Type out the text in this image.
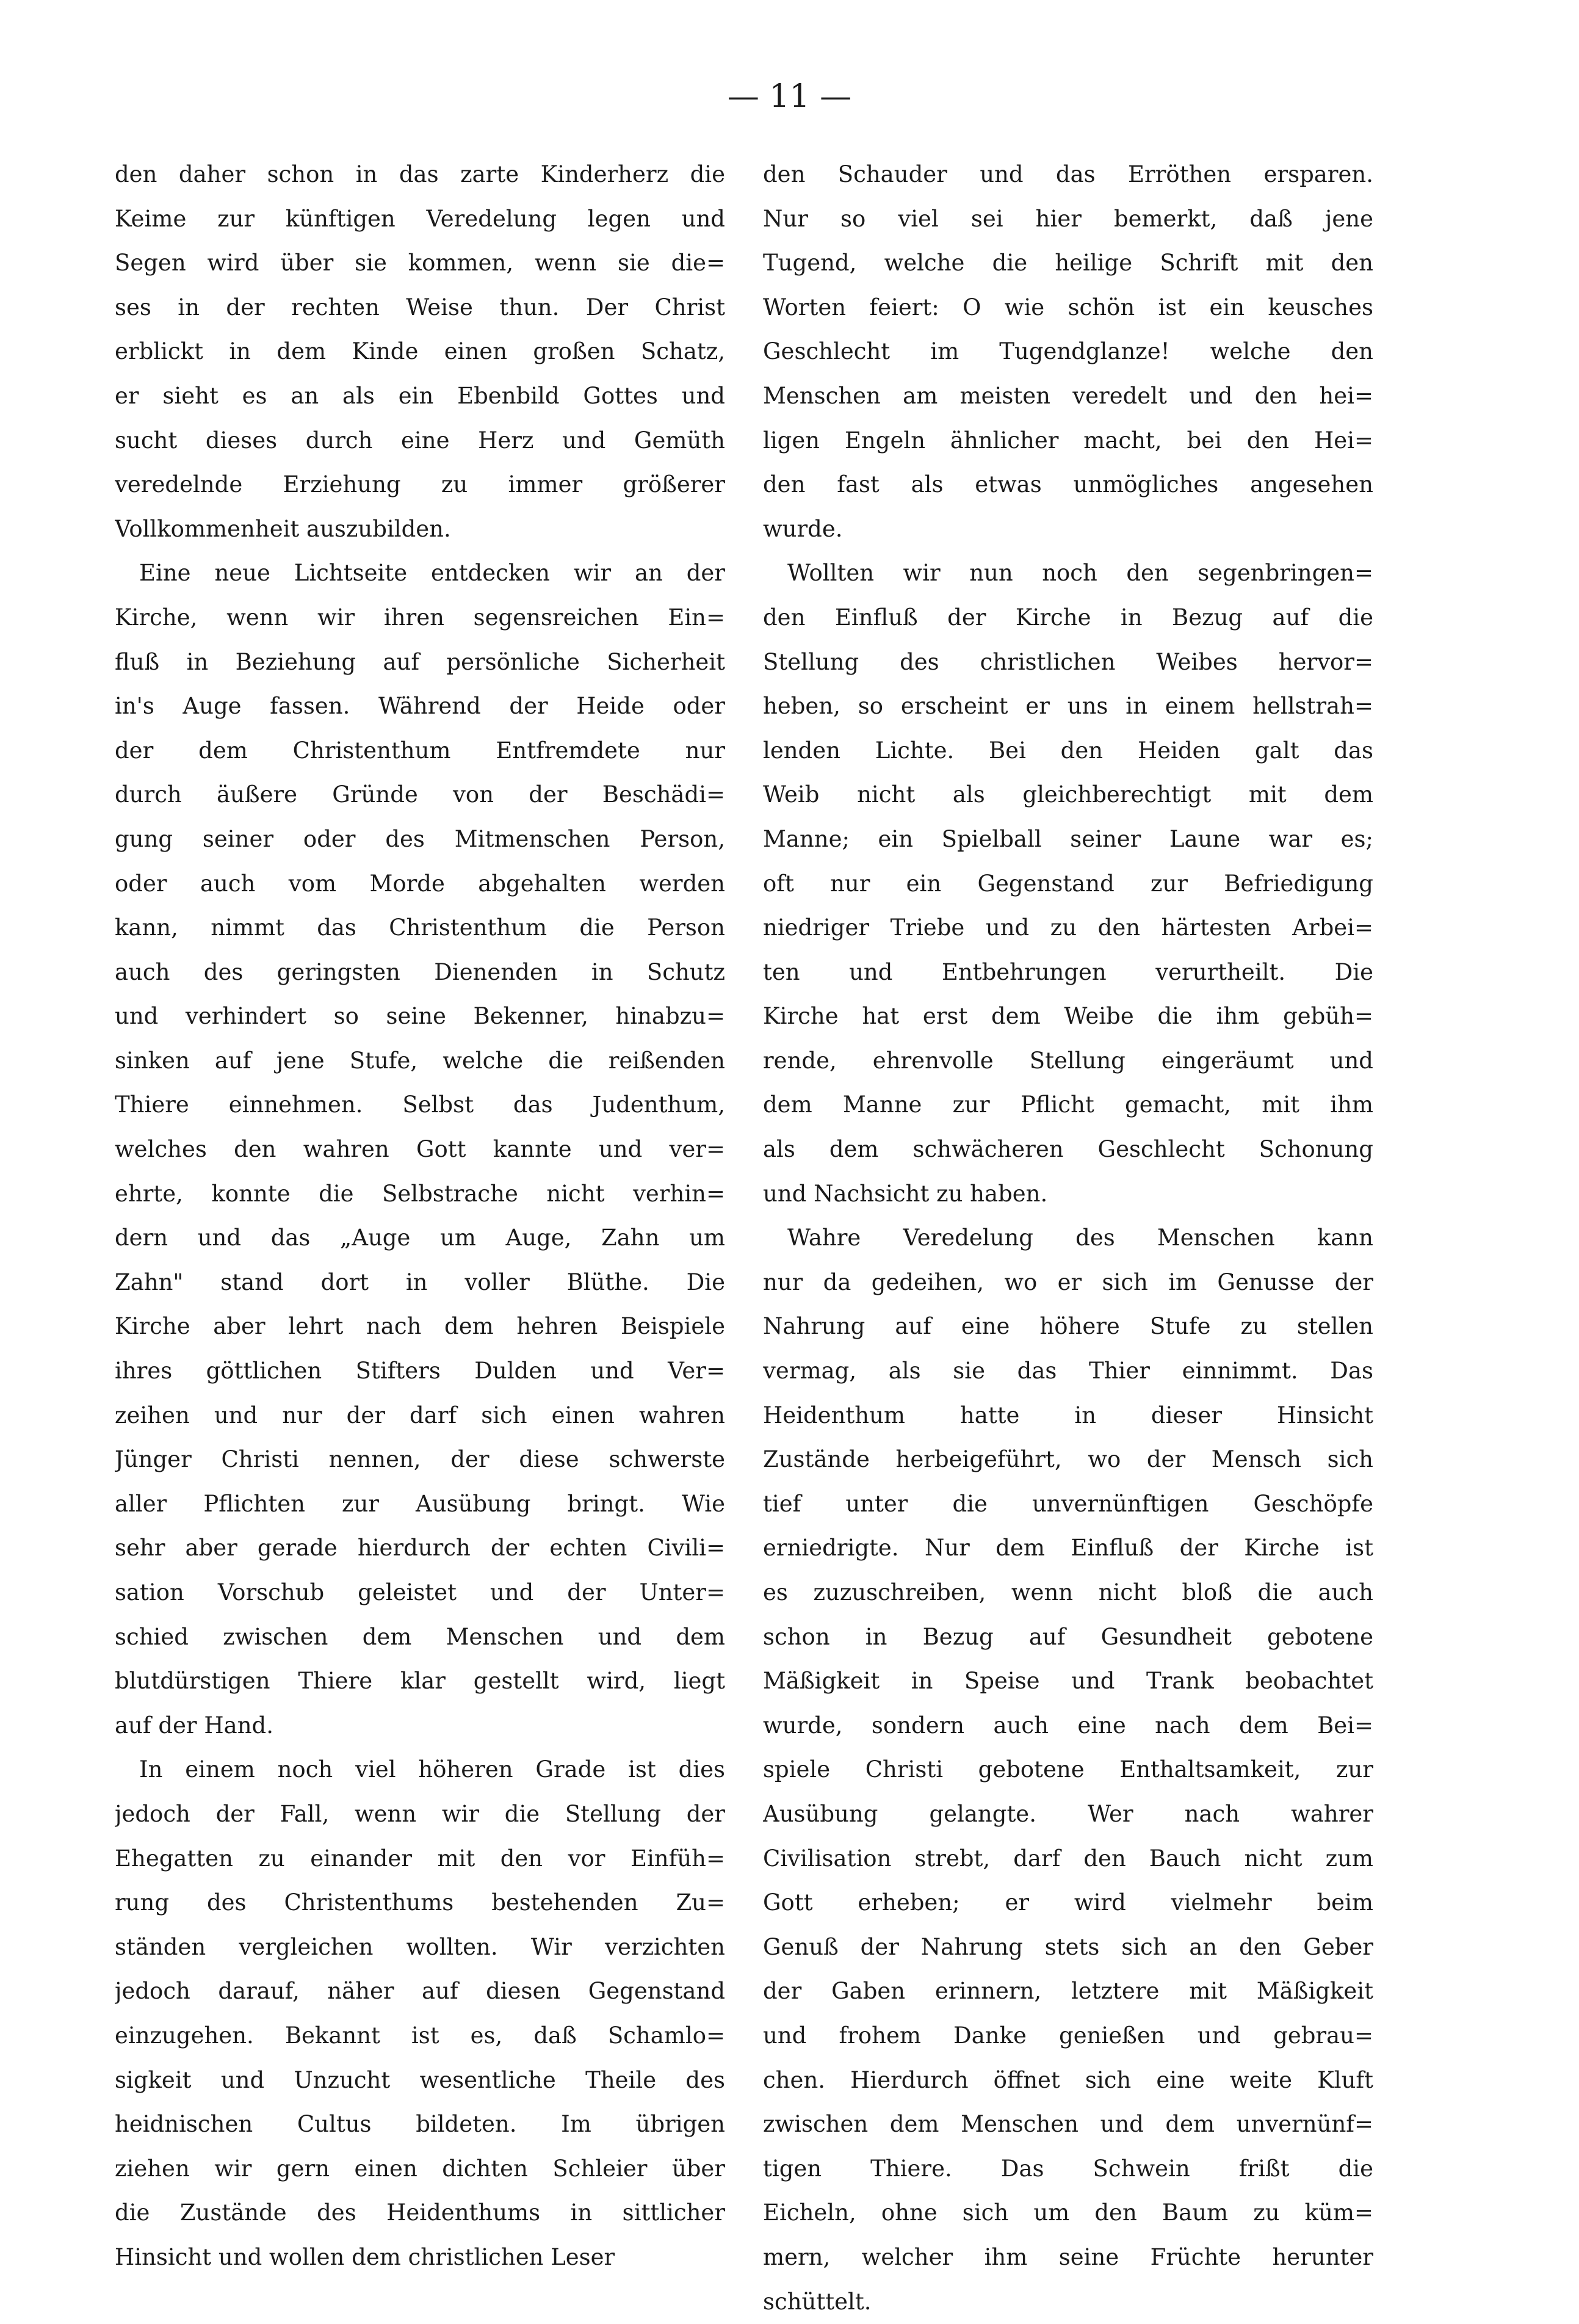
— 11 —

den daher schon in das zarte Kinderherz die
Keime zur künftigen Veredelung legen und
Segen wird über sie kommen, wenn sie die=
ses in der rechten Weise thun. Der Christ
erblickt in dem Kinde einen großen Schatz,
er sieht es an als ein Ebenbild Gottes und
sucht dieses durch eine Herz und Gemüth
veredelnde Erziehung zu immer größerer
Vollkommenheit auszubilden.

Eine neue Lichtseite entdecken wir an der
Kirche, wenn wir ihren segensreichen Ein=
fluß in Beziehung auf persönliche Sicherheit
in's Auge fassen. Während der Heide oder
der dem Christenthum Entfremdete nur
durch äußere Gründe von der Beschädi=
gung seiner oder des Mitmenschen Person,
oder auch vom Morde abgehalten werden
kann, nimmt das Christenthum die Person
auch des geringsten Dienenden in Schutz
und verhindert so seine Bekenner, hinabzu=
sinken auf jene Stufe, welche die reißenden
Thiere einnehmen. Selbst das Judenthum,
welches den wahren Gott kannte und ver=
ehrte, konnte die Selbstrache nicht verhin=
dern und das „Auge um Auge, Zahn um
Zahn" stand dort in voller Blüthe. Die
Kirche aber lehrt nach dem hehren Beispiele
ihres göttlichen Stifters Dulden und Ver=
zeihen und nur der darf sich einen wahren
Jünger Christi nennen, der diese schwerste
aller Pflichten zur Ausübung bringt. Wie
sehr aber gerade hierdurch der echten Civili=
sation Vorschub geleistet und der Unter=
schied zwischen dem Menschen und dem
blutdürstigen Thiere klar gestellt wird, liegt
auf der Hand.

In einem noch viel höheren Grade ist dies
jedoch der Fall, wenn wir die Stellung der
Ehegatten zu einander mit den vor Einfüh=
rung des Christenthums bestehenden Zu=
ständen vergleichen wollten. Wir verzichten
jedoch darauf, näher auf diesen Gegenstand
einzugehen. Bekannt ist es, daß Schamlo=
sigkeit und Unzucht wesentliche Theile des
heidnischen Cultus bildeten. Im übrigen
ziehen wir gern einen dichten Schleier über
die Zustände des Heidenthums in sittlicher
Hinsicht und wollen dem christlichen Leser

den Schauder und das Erröthen ersparen.
Nur so viel sei hier bemerkt, daß jene
Tugend, welche die heilige Schrift mit den
Worten feiert: O wie schön ist ein keusches
Geschlecht im Tugendglanze! welche den
Menschen am meisten veredelt und den hei=
ligen Engeln ähnlicher macht, bei den Hei=
den fast als etwas unmögliches angesehen
wurde.

Wollten wir nun noch den segenbringen=
den Einfluß der Kirche in Bezug auf die
Stellung des christlichen Weibes hervor=
heben, so erscheint er uns in einem hellstrah=
lenden Lichte. Bei den Heiden galt das
Weib nicht als gleichberechtigt mit dem
Manne; ein Spielball seiner Laune war es;
oft nur ein Gegenstand zur Befriedigung
niedriger Triebe und zu den härtesten Arbei=
ten und Entbehrungen verurtheilt. Die
Kirche hat erst dem Weibe die ihm gebüh=
rende, ehrenvolle Stellung eingeräumt und
dem Manne zur Pflicht gemacht, mit ihm
als dem schwächeren Geschlecht Schonung
und Nachsicht zu haben.

Wahre Veredelung des Menschen kann
nur da gedeihen, wo er sich im Genusse der
Nahrung auf eine höhere Stufe zu stellen
vermag, als sie das Thier einnimmt. Das
Heidenthum hatte in dieser Hinsicht
Zustände herbeigeführt, wo der Mensch sich
tief unter die unvernünftigen Geschöpfe
erniedrigte. Nur dem Einfluß der Kirche ist
es zuzuschreiben, wenn nicht bloß die auch
schon in Bezug auf Gesundheit gebotene
Mäßigkeit in Speise und Trank beobachtet
wurde, sondern auch eine nach dem Bei=
spiele Christi gebotene Enthaltsamkeit, zur
Ausübung gelangte. Wer nach wahrer
Civilisation strebt, darf den Bauch nicht zum
Gott erheben; er wird vielmehr beim
Genuß der Nahrung stets sich an den Geber
der Gaben erinnern, letztere mit Mäßigkeit
und frohem Danke genießen und gebrau=
chen. Hierdurch öffnet sich eine weite Kluft
zwischen dem Menschen und dem unvernünf=
tigen Thiere. Das Schwein frißt die
Eicheln, ohne sich um den Baum zu küm=
mern, welcher ihm seine Früchte herunter
schüttelt.
